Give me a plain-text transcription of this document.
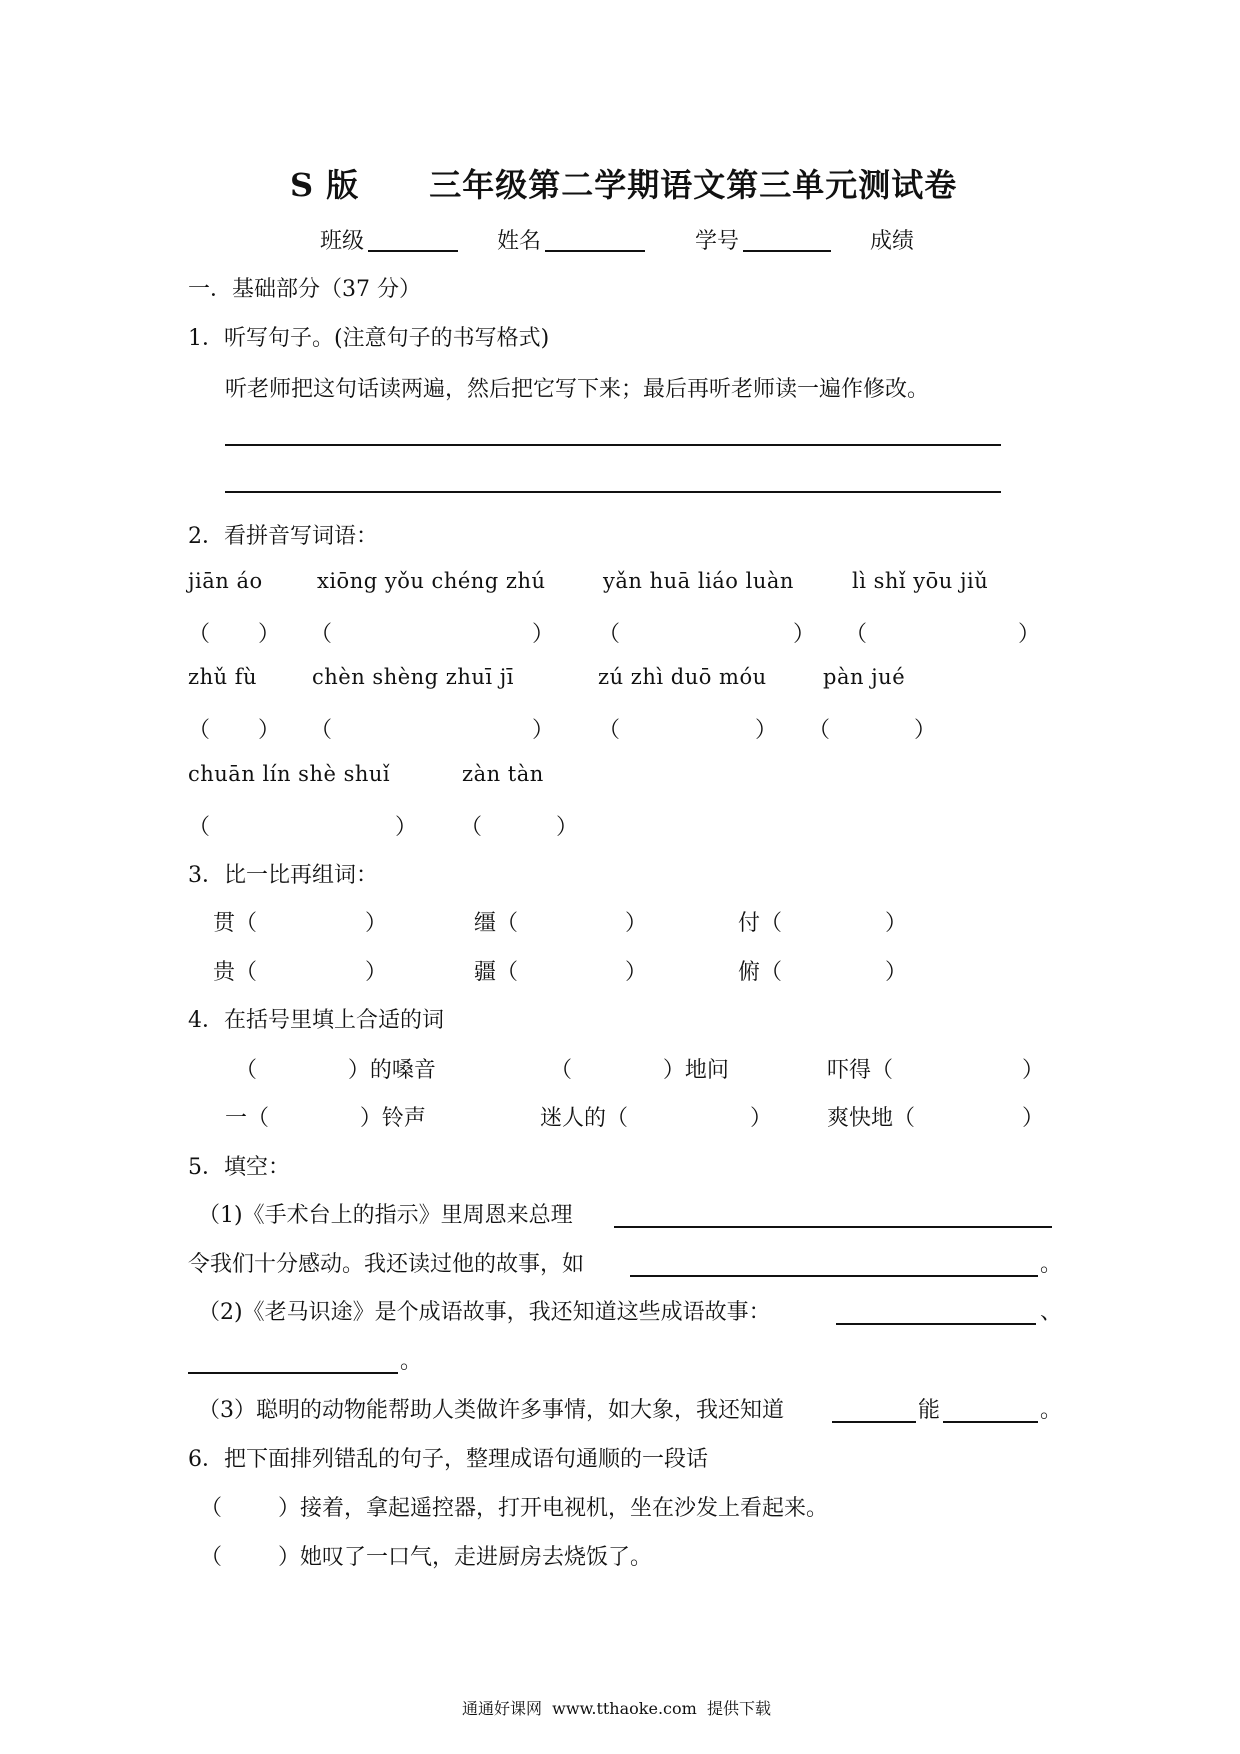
S 版 三年级第二学期语文第三单元测试卷
班级	姓名	学号	成绩
一．基础部分（37 分）
1．听写句子。(注意句子的书写格式)
听老师把这句话读两遍，然后把它写下来；最后再听老师读一遍作修改。
2．看拼音写词语：
jiān áo	xiōng yǒu chéng zhú	yǎn huā liáo luàn	lì shǐ yōu jiǔ
（ ） （	） （	） （	）
zhǔ fù	chèn shèng zhuī jī	zú zhì duō móu	pàn jué
（ ） （	） （	） （	）
chuān lín shè shuǐ	zàn tàn
（	） （	）
3．比一比再组词：
贯（	）	缰（	）	付（	）
贵（	）	疆（	）	俯（	）
4．在括号里填上合适的词
（             ）的嗓音	（             ）地问	吓得（	）
一（             ）铃声	迷人的（	） 爽快地（	）
5．填空：
（1)《手术台上的指示》里周恩来总理
令我们十分感动。我还读过他的故事，如	。
（2)《老马识途》是个成语故事，我还知道这些成语故事：	、
。
（3）聪明的动物能帮助人类做许多事情，如大象，我还知道	能	。
6．把下面排列错乱的句子，整理成语句通顺的一段话
（        ）接着，拿起遥控器，打开电视机，坐在沙发上看起来。
（        ）她叹了一口气，走进厨房去烧饭了。
通通好课网  www.tthaoke.com  提供下载
